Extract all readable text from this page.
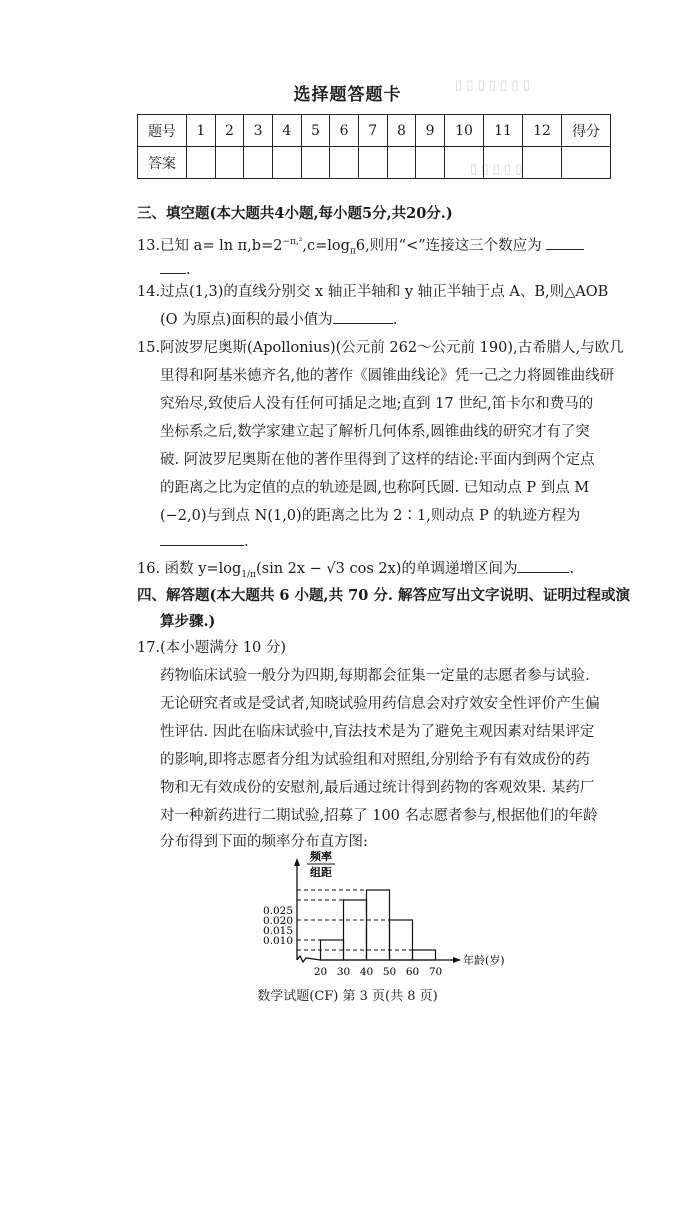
▯ ▯ ▯ ▯ ▯ ▯ ▯
▯ ▯ ▯ ▯ ▯
选择题答题卡
题号	1	2	3	4	5	6	7	8	9	10	11	12	得分
答案													
三、填空题(本大题共4小题,每小题5分,共20分.)
13.已知 $a= \ln \pi,b=2^{-\pi,^2},c=\log_\pi 6$,则用“<”连接这三个数应为
.
14.过点(1,3)的直线分别交 x 轴正半轴和 y 轴正半轴于点 A、B,则△AOB
(O 为原点)面积的最小值为	.
15.阿波罗尼奥斯(Apollonius)(公元前 262～公元前 190),古希腊人,与欧几
里得和阿基米德齐名,他的著作《圆锥曲线论》凭一己之力将圆锥曲线研
究殆尽,致使后人没有任何可插足之地;直到 17 世纪,笛卡尔和费马的
坐标系之后,数学家建立起了解析几何体系,圆锥曲线的研究才有了突
破. 阿波罗尼奥斯在他的著作里得到了这样的结论:平面内到两个定点
的距离之比为定值的点的轨迹是圆,也称阿氏圆. 已知动点 P 到点 M
(−2,0)与到点 N(1,0)的距离之比为 2∶1,则动点 P 的轨迹方程为
.
16. 函数 $y=\log_{1/\pi}(\sin$ 2x − √3 cos 2x)的单调递增区间为	.
四、解答题(本大题共 6 小题,共 70 分. 解答应写出文字说明、证明过程或演
算步骤.)
17.(本小题满分 10 分)
药物临床试验一般分为四期,每期都会征集一定量的志愿者参与试验.
无论研究者或是受试者,知晓试验用药信息会对疗效安全性评价产生偏
性评估. 因此在临床试验中,盲法技术是为了避免主观因素对结果评定
的影响,即将志愿者分组为试验组和对照组,分别给予有有效成份的药
物和无有效成份的安慰剂,最后通过统计得到药物的客观效果. 某药厂
对一种新药进行二期试验,招募了 100 名志愿者参与,根据他们的年龄
分布得到下面的频率分布直方图:
0.010
0.015
0.020
0.025
20 30 40 50 60 70
频率
组距
年龄(岁)
数学试题(CF) 第 3 页(共 8 页)
